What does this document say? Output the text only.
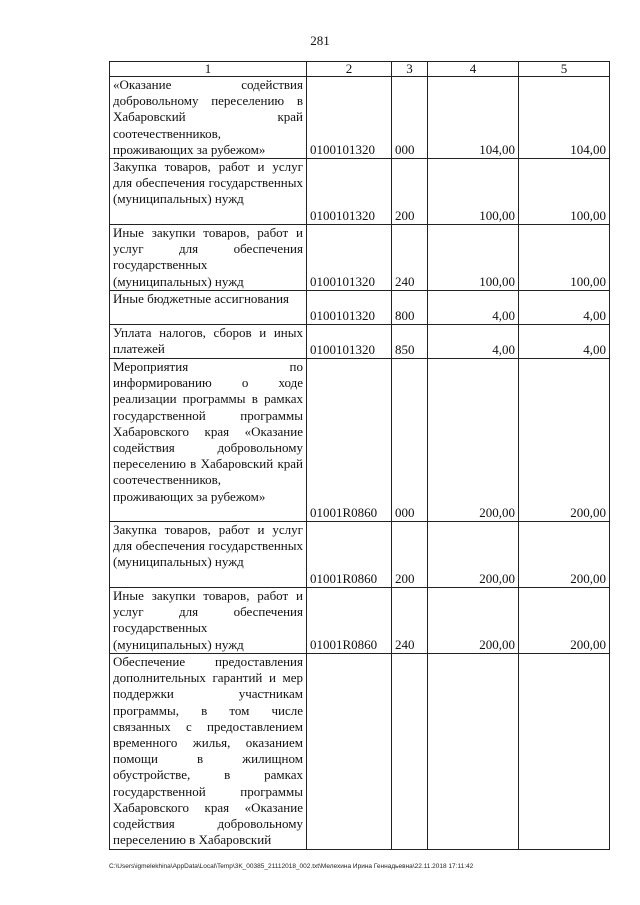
281
1	2	3	4	5
«Оказание содействия добровольному переселению в Хабаровский край соотечественников, проживающих за рубежом»	0100101320	000	104,00	104,00
Закупка товаров, работ и услуг для обеспечения государственных (муниципальных) нужд	0100101320	200	100,00	100,00
Иные закупки товаров, работ и услуг для обеспечения государственных (муниципальных) нужд	0100101320	240	100,00	100,00
Иные бюджетные ассигнования	0100101320	800	4,00	4,00
Уплата налогов, сборов и иных платежей	0100101320	850	4,00	4,00
Мероприятия по информированию о ходе реализации программы в рамках государственной программы Хабаровского края «Оказание содействия добровольному переселению в Хабаровский край соотечественников, проживающих за рубежом»	01001R0860	000	200,00	200,00
Закупка товаров, работ и услуг для обеспечения государственных (муниципальных) нужд	01001R0860	200	200,00	200,00
Иные закупки товаров, работ и услуг для обеспечения государственных (муниципальных) нужд	01001R0860	240	200,00	200,00
Обеспечение предоставления дополнительных гарантий и мер поддержки участникам программы, в том числе связанных с предоставлением временного жилья, оказанием помощи в жилищном обустройстве, в рамках государственной программы Хабаровского края «Оказание содействия добровольному переселению в Хабаровский				
C:\Users\igmelekhina\AppData\Local\Temp\3K_00385_21112018_002.txt\Мелехина Ирина Геннадьевна\22.11.2018 17:11:42
